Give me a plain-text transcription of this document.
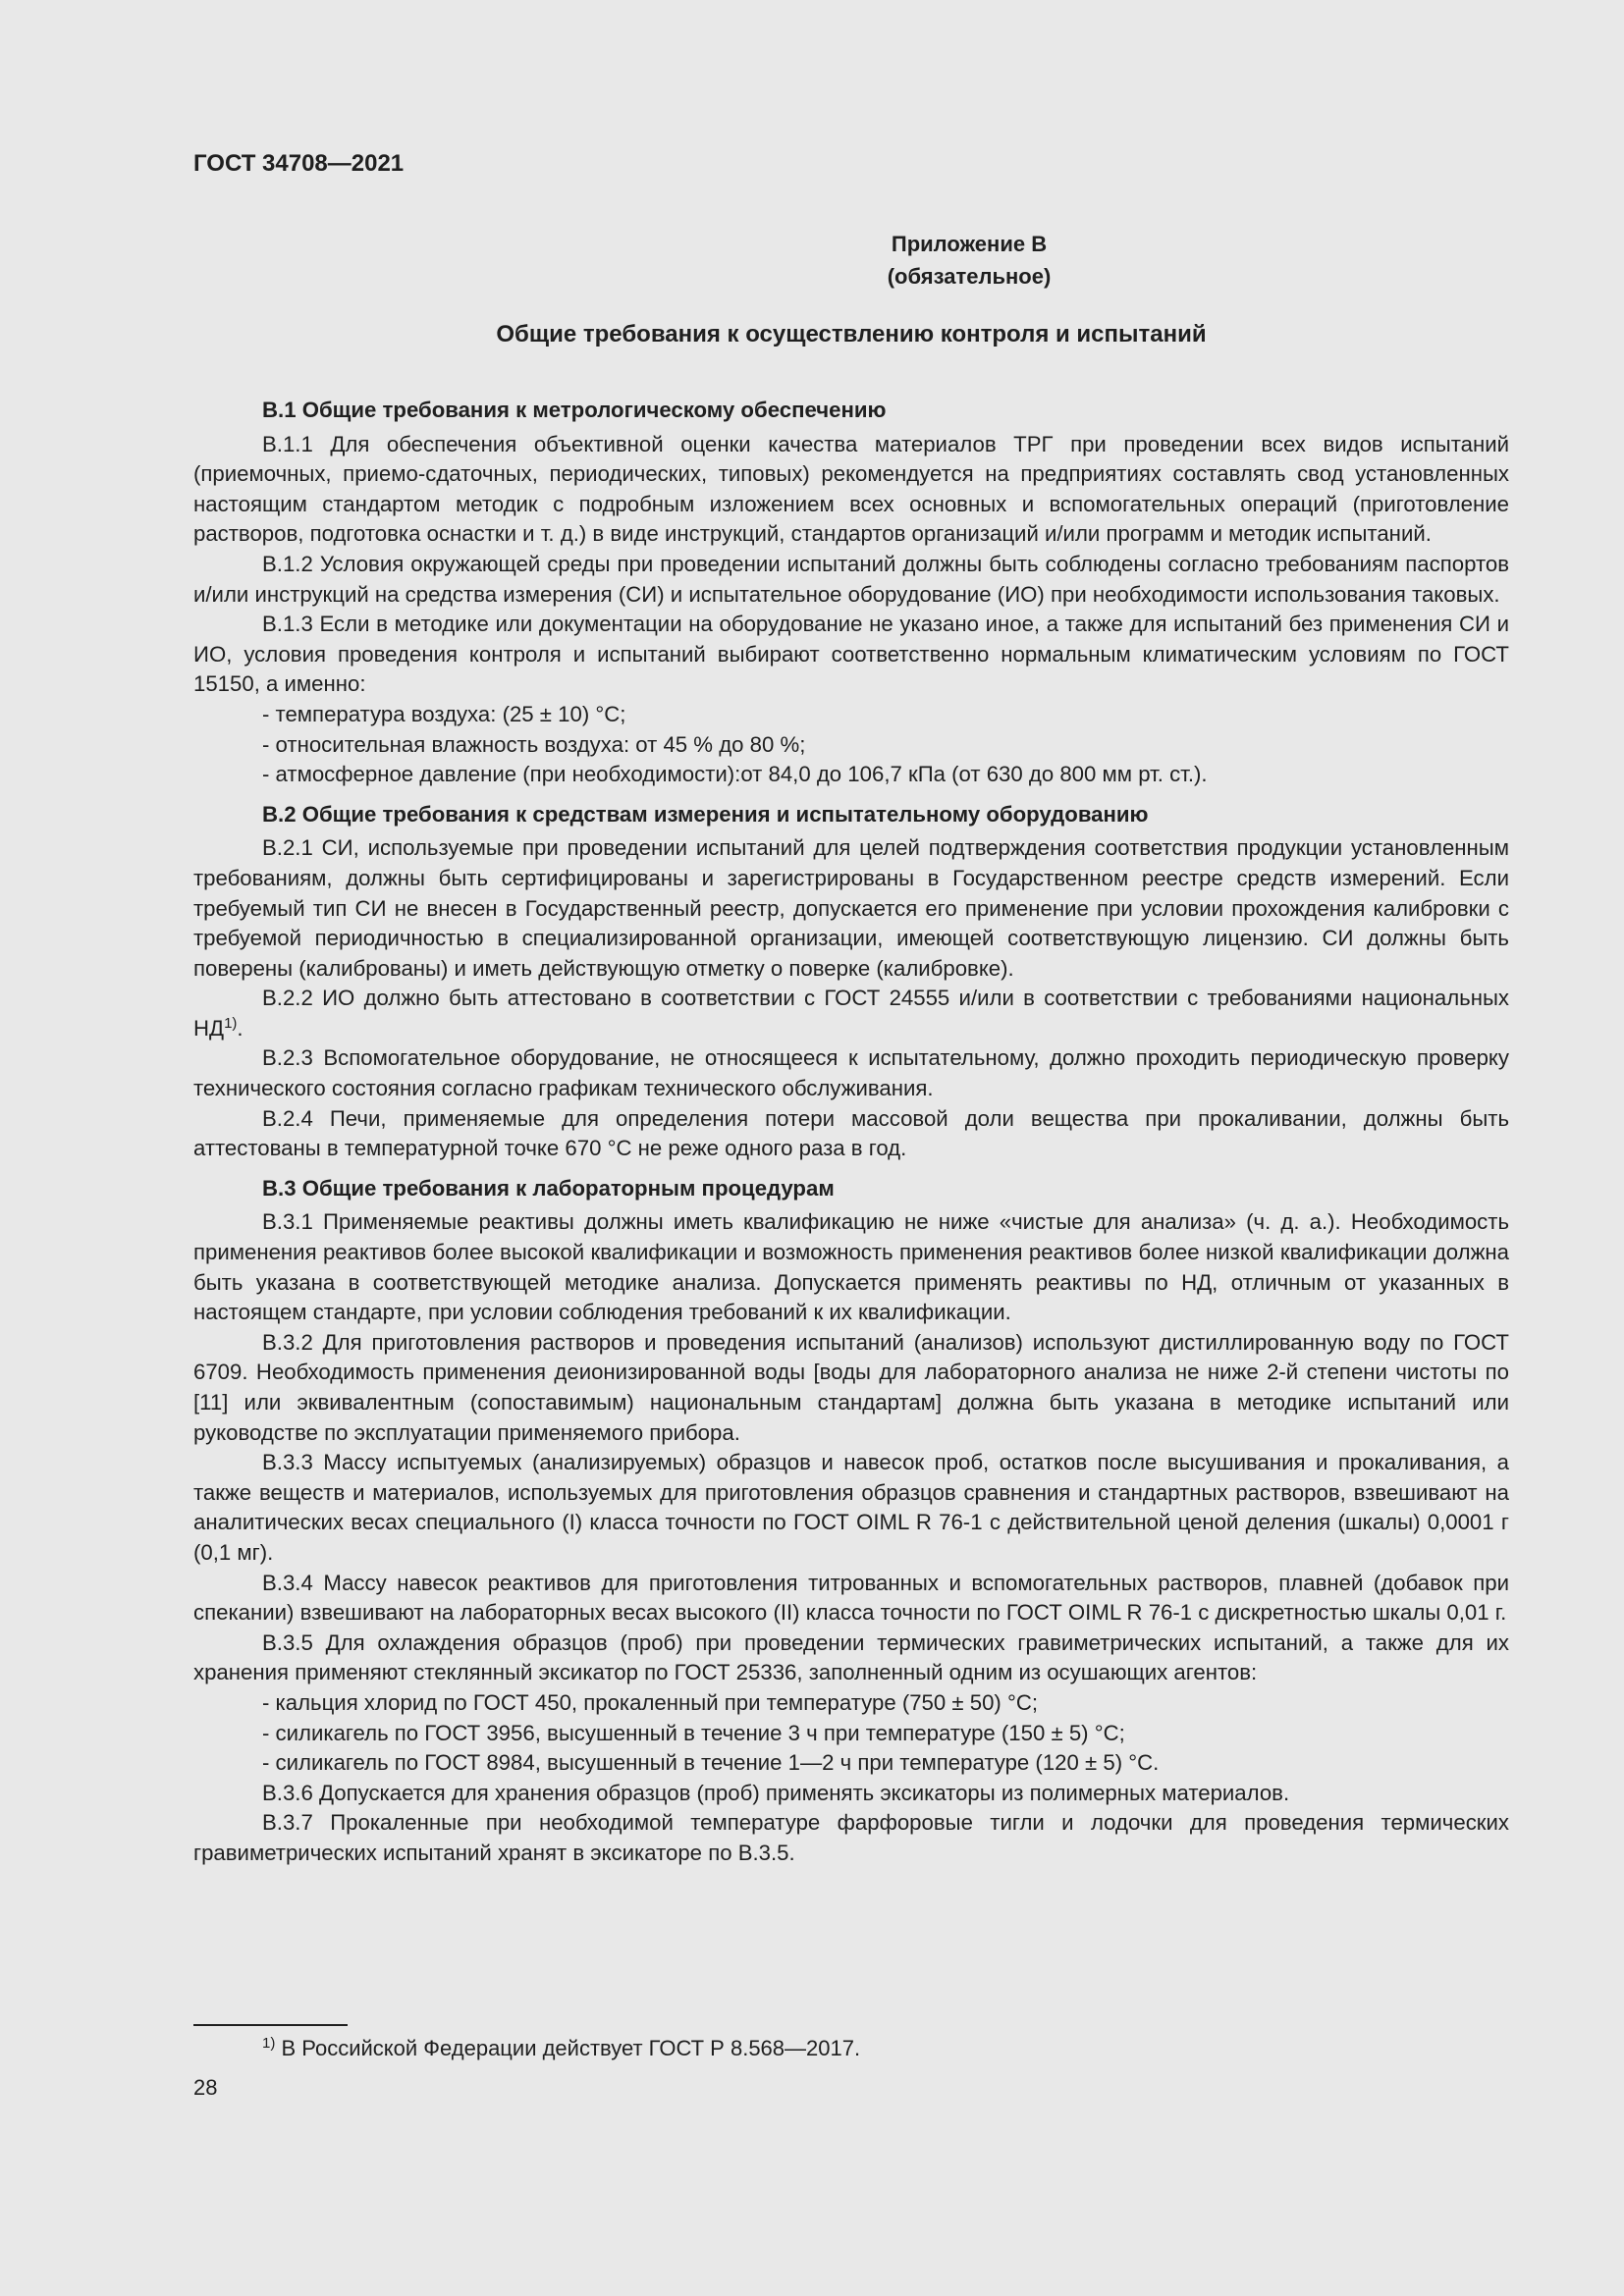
ГОСТ 34708—2021
Приложение В
(обязательное)
Общие требования к осуществлению контроля и испытаний
В.1 Общие требования к метрологическому обеспечению

В.1.1 Для обеспечения объективной оценки качества материалов ТРГ при проведении всех видов испытаний (приемочных, приемо-сдаточных, периодических, типовых) рекомендуется на предприятиях составлять свод установленных настоящим стандартом методик с подробным изложением всех основных и вспомогательных операций (приготовление растворов, подготовка оснастки и т. д.) в виде инструкций, стандартов организаций и/или программ и методик испытаний.

В.1.2 Условия окружающей среды при проведении испытаний должны быть соблюдены согласно требованиям паспортов и/или инструкций на средства измерения (СИ) и испытательное оборудование (ИО) при необходимости использования таковых.

В.1.3 Если в методике или документации на оборудование не указано иное, а также для испытаний без применения СИ и ИО, условия проведения контроля и испытаний выбирают соответственно нормальным климатическим условиям по ГОСТ 15150, а именно:

- температура воздуха: (25 ± 10) °С;

- относительная влажность воздуха: от 45 % до 80 %;

- атмосферное давление (при необходимости):от 84,0 до 106,7 кПа (от 630 до 800 мм рт. ст.).

В.2 Общие требования к средствам измерения и испытательному оборудованию

В.2.1 СИ, используемые при проведении испытаний для целей подтверждения соответствия продукции установленным требованиям, должны быть сертифицированы и зарегистрированы в Государственном реестре средств измерений. Если требуемый тип СИ не внесен в Государственный реестр, допускается его применение при условии прохождения калибровки с требуемой периодичностью в специализированной организации, имеющей соответствующую лицензию. СИ должны быть поверены (калиброваны) и иметь действующую отметку о поверке (калибровке).

В.2.2 ИО должно быть аттестовано в соответствии с ГОСТ 24555 и/или в соответствии с требованиями национальных НД$^{1)}$.

В.2.3 Вспомогательное оборудование, не относящееся к испытательному, должно проходить периодическую проверку технического состояния согласно графикам технического обслуживания.

В.2.4 Печи, применяемые для определения потери массовой доли вещества при прокаливании, должны быть аттестованы в температурной точке 670 °С не реже одного раза в год.

В.3 Общие требования к лабораторным процедурам

В.3.1 Применяемые реактивы должны иметь квалификацию не ниже «чистые для анализа» (ч. д. а.). Необходимость применения реактивов более высокой квалификации и возможность применения реактивов более низкой квалификации должна быть указана в соответствующей методике анализа. Допускается применять реактивы по НД, отличным от указанных в настоящем стандарте, при условии соблюдения требований к их квалификации.

В.3.2 Для приготовления растворов и проведения испытаний (анализов) используют дистиллированную воду по ГОСТ 6709. Необходимость применения деионизированной воды [воды для лабораторного анализа не ниже 2-й степени чистоты по [11] или эквивалентным (сопоставимым) национальным стандартам] должна быть указана в методике испытаний или руководстве по эксплуатации применяемого прибора.

В.3.3 Массу испытуемых (анализируемых) образцов и навесок проб, остатков после высушивания и прокаливания, а также веществ и материалов, используемых для приготовления образцов сравнения и стандартных растворов, взвешивают на аналитических весах специального (I) класса точности по ГОСТ OIML R 76-1 с действительной ценой деления (шкалы) 0,0001 г (0,1 мг).

В.3.4 Массу навесок реактивов для приготовления титрованных и вспомогательных растворов, плавней (добавок при спекании) взвешивают на лабораторных весах высокого (II) класса точности по ГОСТ OIML R 76-1 с дискретностью шкалы 0,01 г.

В.3.5 Для охлаждения образцов (проб) при проведении термических гравиметрических испытаний, а также для их хранения применяют стеклянный эксикатор по ГОСТ 25336, заполненный одним из осушающих агентов:

- кальция хлорид по ГОСТ 450, прокаленный при температуре (750 ± 50) °С;

- силикагель по ГОСТ 3956, высушенный в течение 3 ч при температуре (150 ± 5) °С;

- силикагель по ГОСТ 8984, высушенный в течение 1—2 ч при температуре (120 ± 5) °С.

В.3.6 Допускается для хранения образцов (проб) применять эксикаторы из полимерных материалов.

В.3.7 Прокаленные при необходимой температуре фарфоровые тигли и лодочки для проведения термических гравиметрических испытаний хранят в эксикаторе по В.3.5.

$^{1)}$ В Российской Федерации действует ГОСТ Р 8.568—2017.
28
